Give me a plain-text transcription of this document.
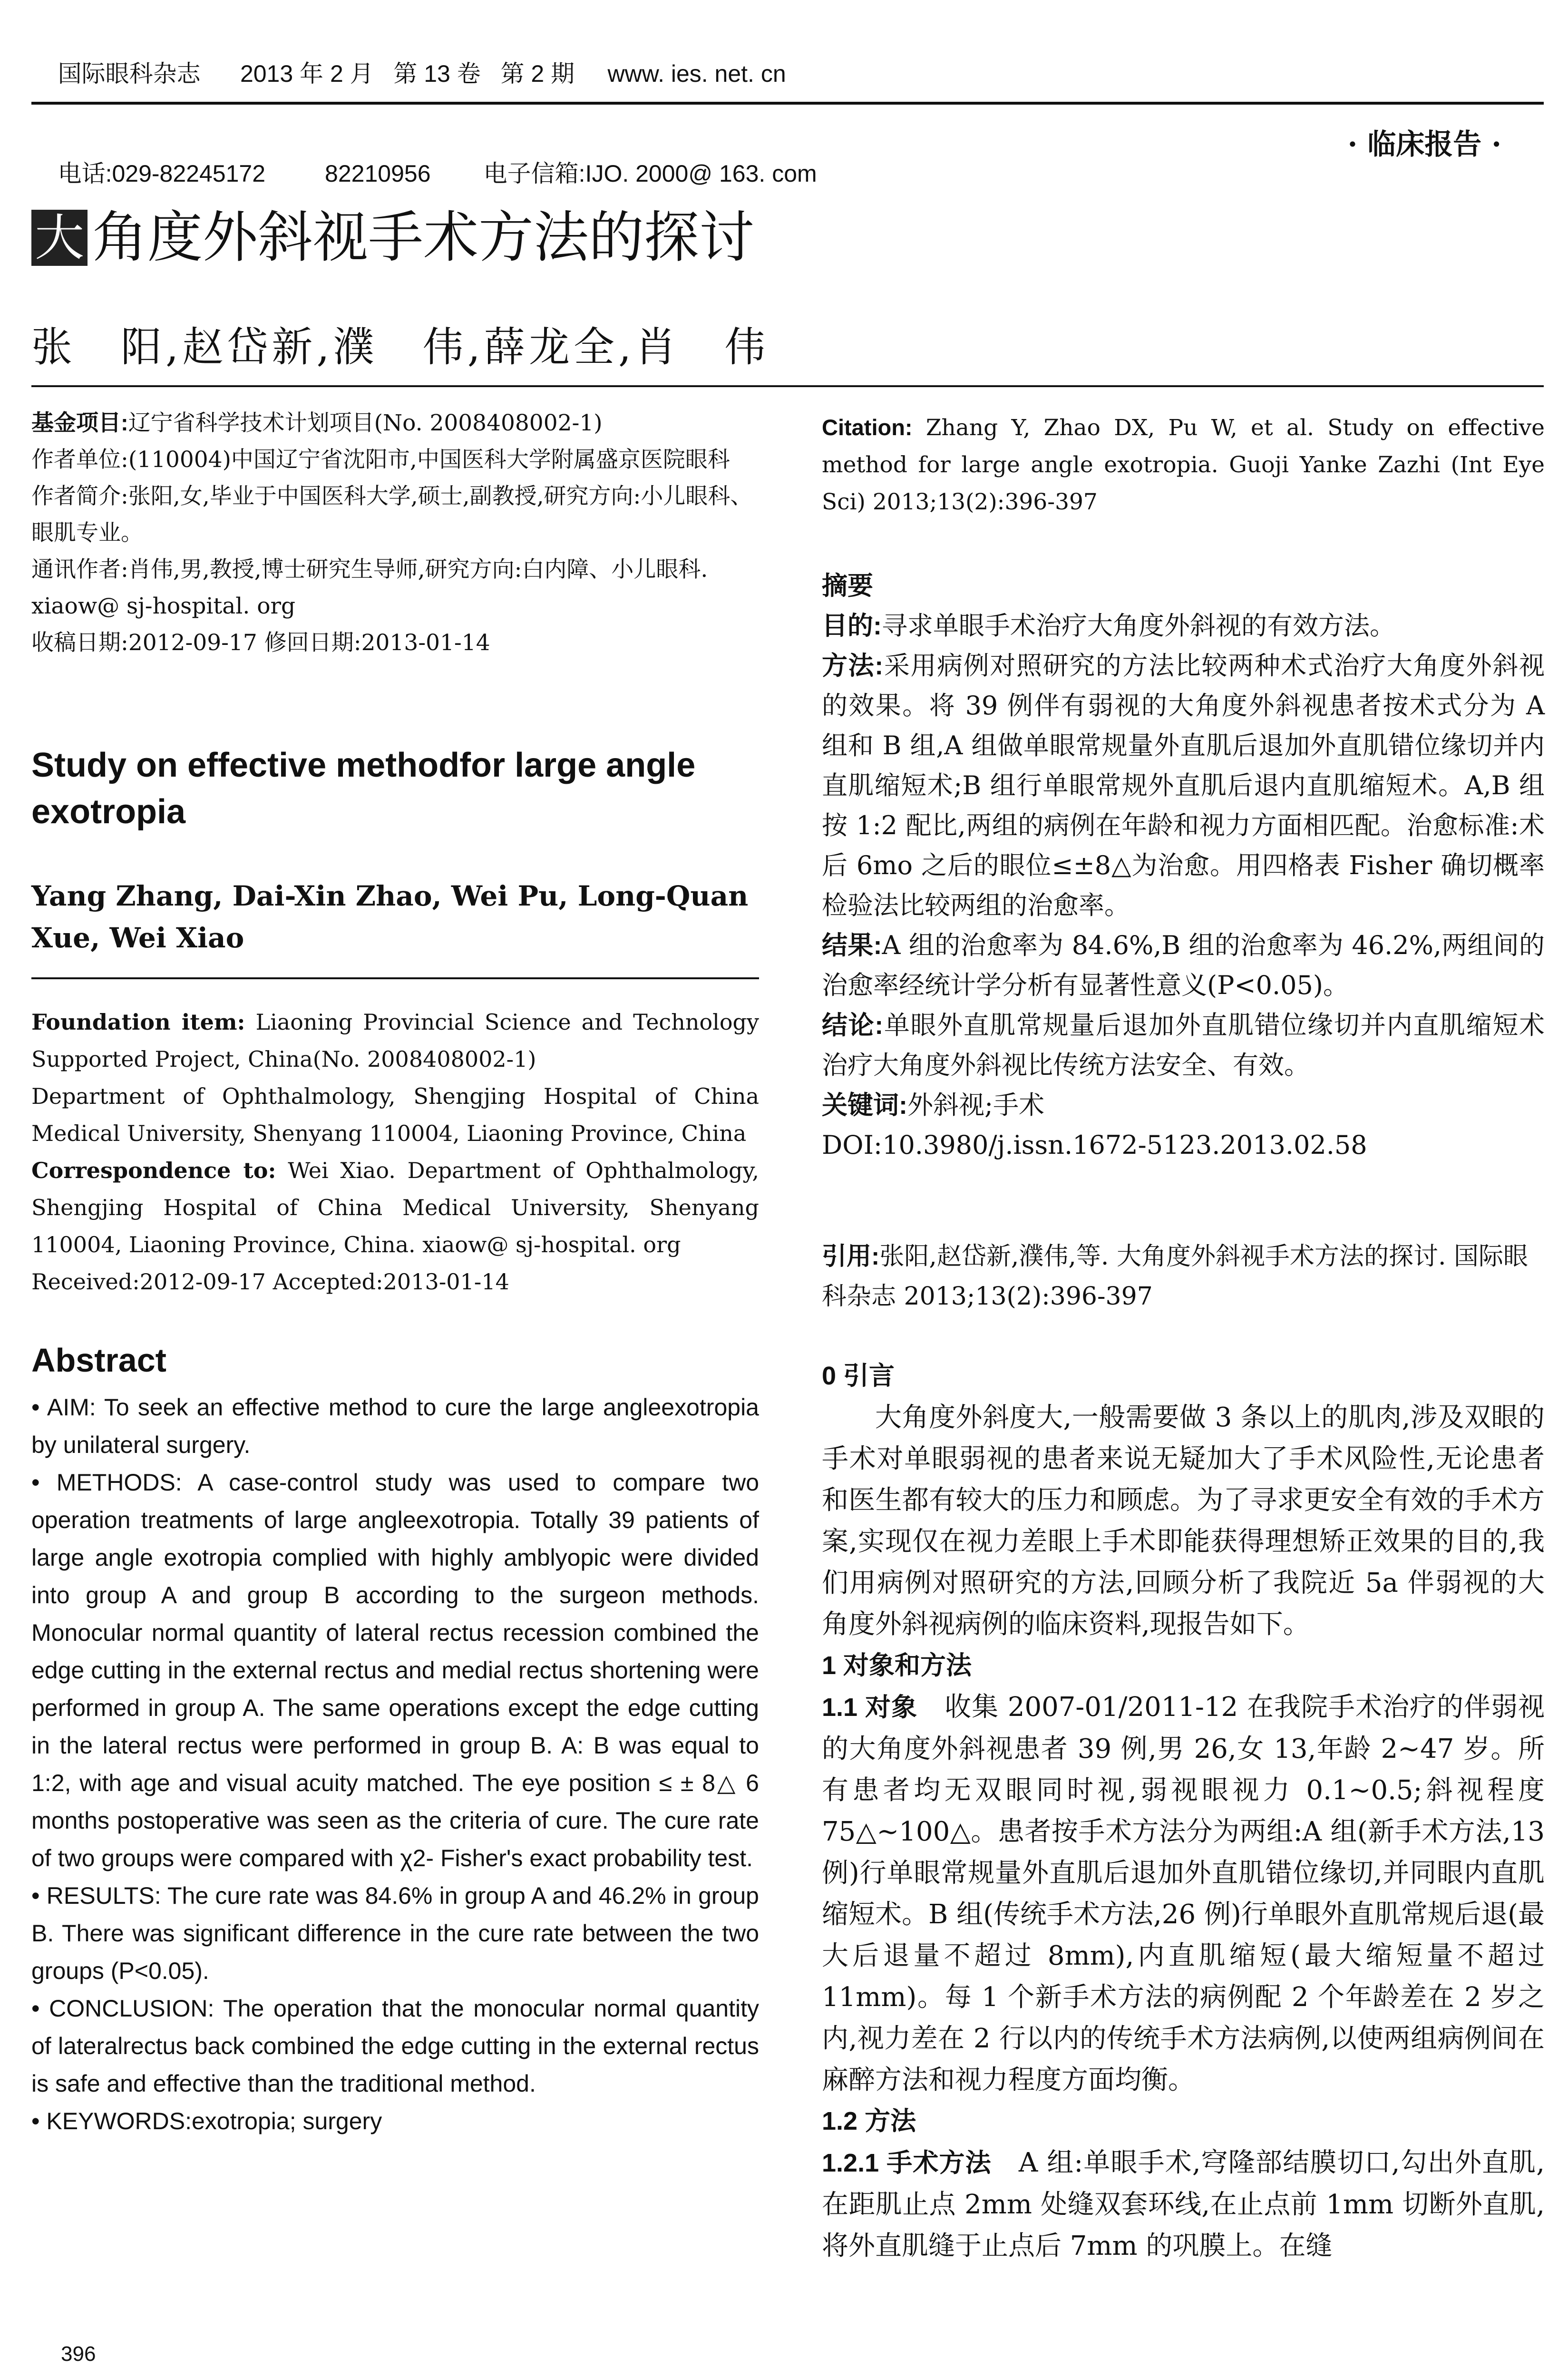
国际眼科杂志 2013 年 2 月 第 13 卷 第 2 期 www. ies. net. cn

电话:029-82245172	82210956 电子信箱:IJO. 2000@ 163. com

· 临床报告 ·
大 角度外斜视手术方法的探讨
张　阳,赵岱新,濮　伟,薛龙全,肖　伟
基金项目:辽宁省科学技术计划项目(No. 2008408002-1)
作者单位:(110004)中国辽宁省沈阳市,中国医科大学附属盛京医院眼科
作者简介:张阳,女,毕业于中国医科大学,硕士,副教授,研究方向:小儿眼科、眼肌专业。
通讯作者:肖伟,男,教授,博士研究生导师,研究方向:白内障、小儿眼科. xiaow@ sj-hospital. org
收稿日期:2012-09-17 修回日期:2013-01-14
Study on effective methodfor large angle exotropia
Yang Zhang, Dai-Xin Zhao, Wei Pu, Long-Quan Xue, Wei Xiao

Foundation item: Liaoning Provincial Science and Technology Supported Project, China(No. 2008408002-1)

Department of Ophthalmology, Shengjing Hospital of China Medical University, Shenyang 110004, Liaoning Province, China

Correspondence to: Wei Xiao. Department of Ophthalmology, Shengjing Hospital of China Medical University, Shenyang 110004, Liaoning Province, China. xiaow@ sj-hospital. org

Received:2012-09-17 Accepted:2013-01-14

Abstract

• AIM: To seek an effective method to cure the large angleexotropia by unilateral surgery.

• METHODS: A case-control study was used to compare two operation treatments of large angleexotropia. Totally 39 patients of large angle exotropia complied with highly amblyopic were divided into group A and group B according to the surgeon methods. Monocular normal quantity of lateral rectus recession combined the edge cutting in the external rectus and medial rectus shortening were performed in group A. The same operations except the edge cutting in the lateral rectus were performed in group B. A: B was equal to 1:2, with age and visual acuity matched. The eye position ≤ ± 8△ 6 months postoperative was seen as the criteria of cure. The cure rate of two groups were compared with χ2- Fisher's exact probability test.

• RESULTS: The cure rate was 84.6% in group A and 46.2% in group B. There was significant difference in the cure rate between the two groups (P<0.05).

• CONCLUSION: The operation that the monocular normal quantity of lateralrectus back combined the edge cutting in the external rectus is safe and effective than the traditional method.

• KEYWORDS:exotropia; surgery

396
Citation: Zhang Y, Zhao DX, Pu W, et al. Study on effective method for large angle exotropia. Guoji Yanke Zazhi (Int Eye Sci) 2013;13(2):396-397

摘要

目的:寻求单眼手术治疗大角度外斜视的有效方法。

方法:采用病例对照研究的方法比较两种术式治疗大角度外斜视的效果。将 39 例伴有弱视的大角度外斜视患者按术式分为 A 组和 B 组,A 组做单眼常规量外直肌后退加外直肌错位缘切并内直肌缩短术;B 组行单眼常规外直肌后退内直肌缩短术。A,B 组按 1:2 配比,两组的病例在年龄和视力方面相匹配。治愈标准:术后 6mo 之后的眼位≤±8△为治愈。用四格表 Fisher 确切概率检验法比较两组的治愈率。

结果:A 组的治愈率为 84.6%,B 组的治愈率为 46.2%,两组间的治愈率经统计学分析有显著性意义(P<0.05)。

结论:单眼外直肌常规量后退加外直肌错位缘切并内直肌缩短术治疗大角度外斜视比传统方法安全、有效。

关键词:外斜视;手术

DOI:10.3980/j.issn.1672-5123.2013.02.58

引用:张阳,赵岱新,濮伟,等. 大角度外斜视手术方法的探讨. 国际眼科杂志 2013;13(2):396-397

0 引言

大角度外斜度大,一般需要做 3 条以上的肌肉,涉及双眼的手术对单眼弱视的患者来说无疑加大了手术风险性,无论患者和医生都有较大的压力和顾虑。为了寻求更安全有效的手术方案,实现仅在视力差眼上手术即能获得理想矫正效果的目的,我们用病例对照研究的方法,回顾分析了我院近 5a 伴弱视的大角度外斜视病例的临床资料,现报告如下。

1 对象和方法

1.1 对象　 收集 2007-01/2011-12 在我院手术治疗的伴弱视的大角度外斜视患者 39 例,男 26,女 13,年龄 2~47 岁。所有患者均无双眼同时视,弱视眼视力 0.1~0.5;斜视程度 75△~100△。患者按手术方法分为两组:A 组(新手术方法,13 例)行单眼常规量外直肌后退加外直肌错位缘切,并同眼内直肌缩短术。B 组(传统手术方法,26 例)行单眼外直肌常规后退(最大后退量不超过 8mm),内直肌缩短(最大缩短量不超过 11mm)。每 1 个新手术方法的病例配 2 个年龄差在 2 岁之内,视力差在 2 行以内的传统手术方法病例,以使两组病例间在麻醉方法和视力程度方面均衡。

1.2 方法

1.2.1 手术方法　 A 组:单眼手术,穹隆部结膜切口,勾出外直肌,在距肌止点 2mm 处缝双套环线,在止点前 1mm 切断外直肌,将外直肌缝于止点后 7mm 的巩膜上。在缝
